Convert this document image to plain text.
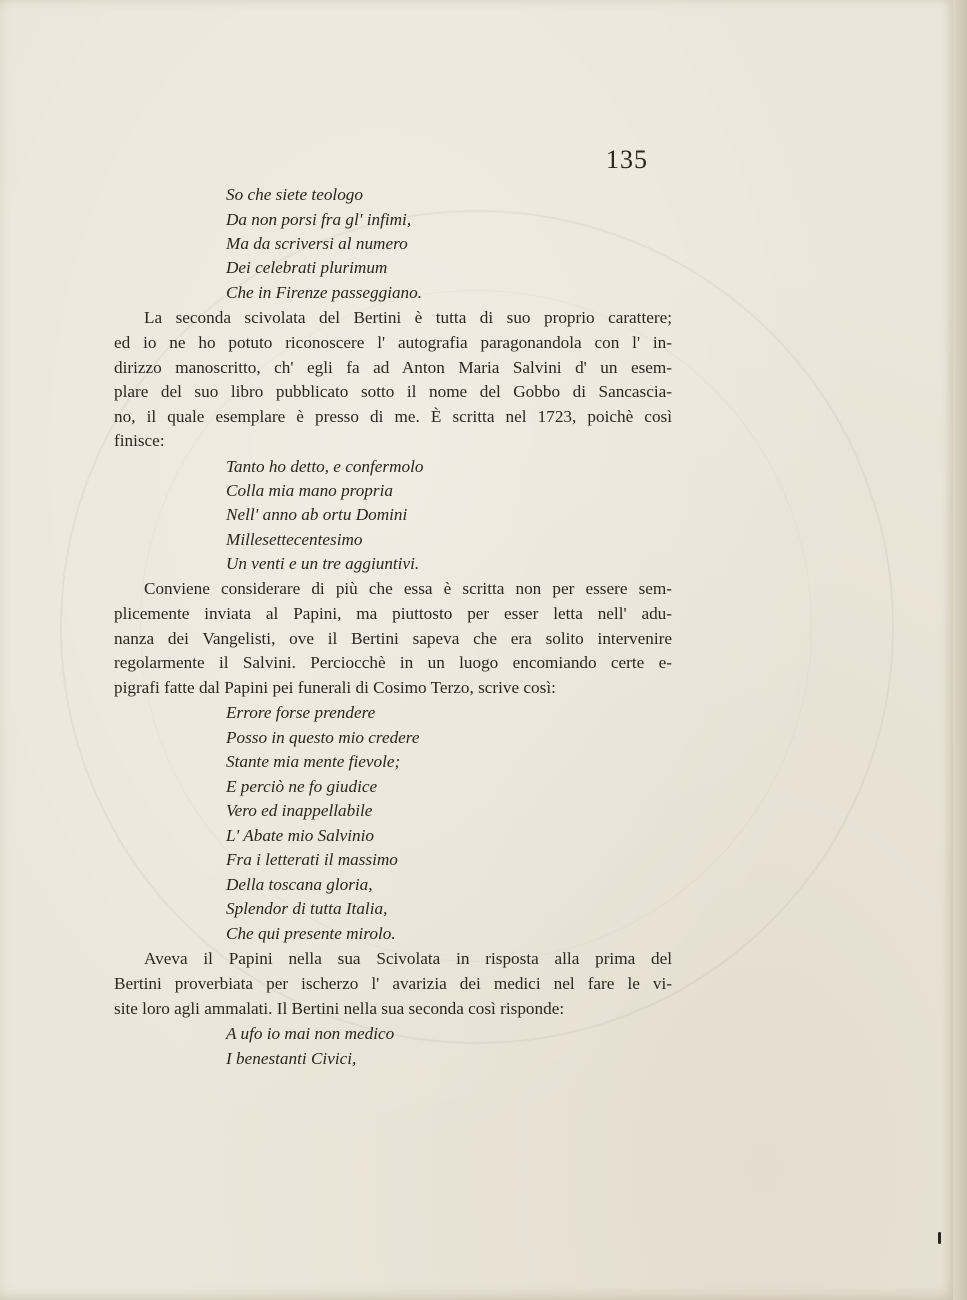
135
So che siete teologo
Da non porsi fra gl' infimi,
Ma da scriversi al numero
Dei celebrati plurimum
Che in Firenze passeggiano.
La seconda scivolata del Bertini è tutta di suo proprio carattere;
ed io ne ho potuto riconoscere l' autografia paragonandola con l' in-
dirizzo manoscritto, ch' egli fa ad Anton Maria Salvini d' un esem-
plare del suo libro pubblicato sotto il nome del Gobbo di Sancascia-
no, il quale esemplare è presso di me. È scritta nel 1723, poichè così
finisce:
Tanto ho detto, e confermolo
Colla mia mano propria
Nell' anno ab ortu Domini
Millesettecentesimo
Un venti e un tre aggiuntivi.
Conviene considerare di più che essa è scritta non per essere sem-
plicemente inviata al Papini, ma piuttosto per esser letta nell' adu-
nanza dei Vangelisti, ove il Bertini sapeva che era solito intervenire
regolarmente il Salvini. Perciocchè in un luogo encomiando certe e-
pigrafi fatte dal Papini pei funerali di Cosimo Terzo, scrive così:
Errore forse prendere
Posso in questo mio credere
Stante mia mente fievole;
E perciò ne fo giudice
Vero ed inappellabile
L' Abate mio Salvinio
Fra i letterati il massimo
Della toscana gloria,
Splendor di tutta Italia,
Che qui presente mirolo.
Aveva il Papini nella sua Scivolata in risposta alla prima del
Bertini proverbiata per ischerzo l' avarizia dei medici nel fare le vi-
site loro agli ammalati. Il Bertini nella sua seconda così risponde:
A ufo io mai non medico
I benestanti Civici,
